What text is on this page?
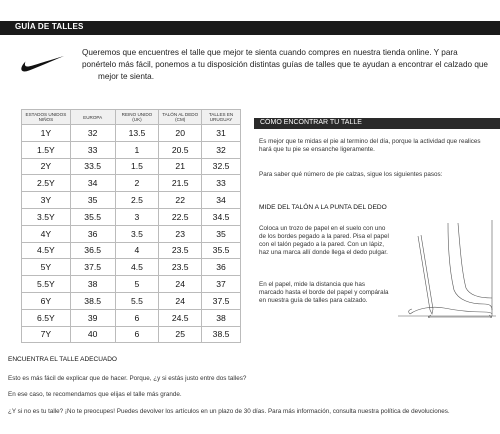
GUÍA DE TALLES

Queremos que encuentres el talle que mejor te sienta cuando compres en nuestra tienda online. Y para

ponértelo más fácil, ponemos a tu disposición distintas guías de talles que te ayudan a encontrar el calzado que

mejor te sienta.

ESTADOS UNIDOS NIÑOS	EUROPA	REINO UNIDO (UK)	TALÓN AL DEDO (CM)	TALLES EN URUGUAY
1Y	32	13.5	20	31
1.5Y	33	1	20.5	32
2Y	33.5	1.5	21	32.5
2.5Y	34	2	21.5	33
3Y	35	2.5	22	34
3.5Y	35.5	3	22.5	34.5
4Y	36	3.5	23	35
4.5Y	36.5	4	23.5	35.5
5Y	37.5	4.5	23.5	36
5.5Y	38	5	24	37
6Y	38.5	5.5	24	37.5
6.5Y	39	6	24.5	38
7Y	40	6	25	38.5
CÓMO ENCONTRAR TU TALLE

Es mejor que te midas el pie al termino del día, porque la actividad que realices hará que tu pie se ensanche ligeramente.

Para saber qué número de pie calzas, sigue los siguientes pasos:

MIDE DEL TALÓN A LA PUNTA DEL DEDO

Coloca un trozo de papel en el suelo con uno de los bordes pegado a la pared. Pisa el papel con el talón pegado a la pared. Con un lápiz, haz una marca allí donde llega el dedo pulgar.

En el papel, mide la distancia que has marcado hasta el borde del papel y compárala en nuestra guía de talles para calzado.

ENCUENTRA EL TALLE ADECUADO
Esto es más fácil de explicar que de hacer. Porque, ¿y si estás justo entre dos talles?
En ese caso, te recomendamos que elijas el talle más grande.
¿Y si no es tu talle? ¡No te preocupes! Puedes devolver los artículos en un plazo de 30 días. Para más información, consulta nuestra política de devoluciones.
